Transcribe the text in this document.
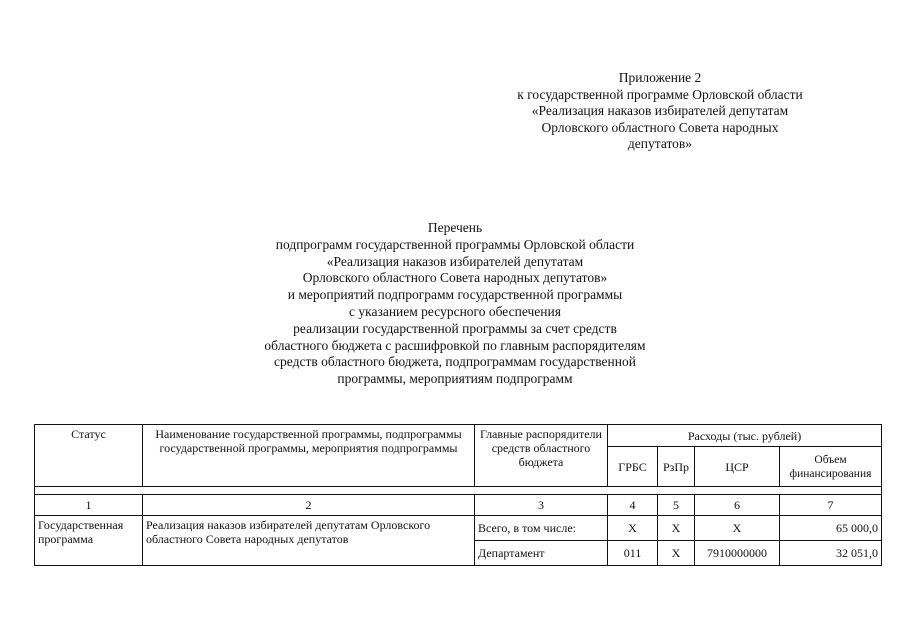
Приложение 2
к государственной программе Орловской области
«Реализация наказов избирателей депутатам
Орловского областного Совета народных
депутатов»
Перечень
подпрограмм государственной программы Орловской области
«Реализация наказов избирателей депутатам
Орловского областного Совета народных депутатов»
и мероприятий подпрограмм государственной программы
с указанием ресурсного обеспечения
реализации государственной программы за счет средств
областного бюджета с расшифровкой по главным распорядителям
средств областного бюджета, подпрограммам государственной
программы, мероприятиям подпрограмм
Статус	Наименование государственной программы, подпрограммы государственной программы, мероприятия подпрограммы	Главные распорядители средств областного бюджета	Расходы (тыс. рублей)			
			ГРБС	РзПр	ЦСР	Объем финансирования

1	2	3	4	5	6	7
Государственная программа	Реализация наказов избирателей депутатам Орловского областного Совета народных депутатов	Всего, в том числе:	Х	Х	Х	65 000,0
		Департамент	011	Х	7910000000	32 051,0
